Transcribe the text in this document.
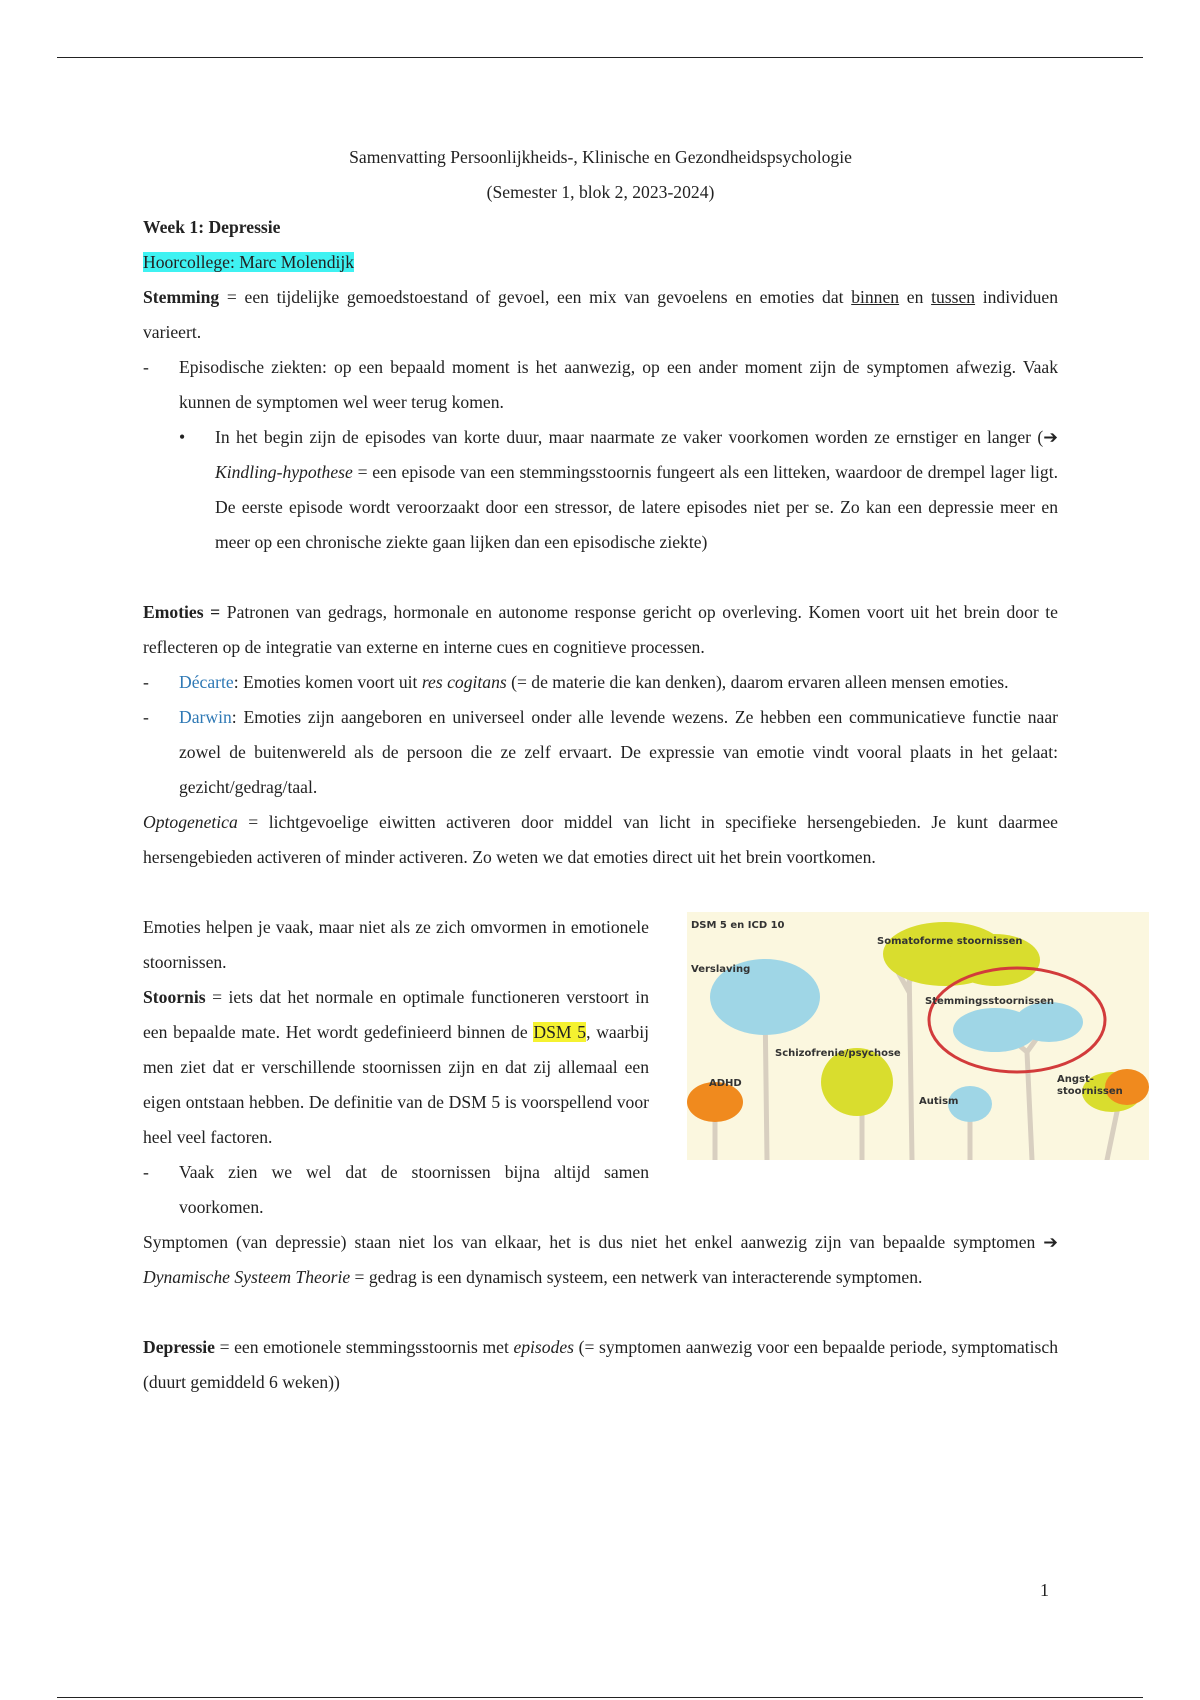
Samenvatting Persoonlijkheids-, Klinische en Gezondheidspsychologie

(Semester 1, blok 2, 2023-2024)

Week 1: Depressie

Hoorcollege: Marc Molendijk

Stemming = een tijdelijke gemoedstoestand of gevoel, een mix van gevoelens en emoties dat binnen en tussen individuen varieert.

- Episodische ziekten: op een bepaald moment is het aanwezig, op een ander moment zijn de symptomen afwezig. Vaak kunnen de symptomen wel weer terug komen.
• In het begin zijn de episodes van korte duur, maar naarmate ze vaker voorkomen worden ze ernstiger en langer (➔ Kindling-hypothese = een episode van een stemmingsstoornis fungeert als een litteken, waardoor de drempel lager ligt. De eerste episode wordt veroorzaakt door een stressor, de latere episodes niet per se. Zo kan een depressie meer en meer op een chronische ziekte gaan lijken dan een episodische ziekte)

Emoties = Patronen van gedrags, hormonale en autonome response gericht op overleving. Komen voort uit het brein door te reflecteren op de integratie van externe en interne cues en cognitieve processen.

- Décarte: Emoties komen voort uit res cogitans (= de materie die kan denken), daarom ervaren alleen mensen emoties.
- Darwin: Emoties zijn aangeboren en universeel onder alle levende wezens. Ze hebben een communicatieve functie naar zowel de buitenwereld als de persoon die ze zelf ervaart. De expressie van emotie vindt vooral plaats in het gelaat: gezicht/gedrag/taal.

Optogenetica = lichtgevoelige eiwitten activeren door middel van licht in specifieke hersengebieden. Je kunt daarmee hersengebieden activeren of minder activeren. Zo weten we dat emoties direct uit het brein voortkomen.

Emoties helpen je vaak, maar niet als ze zich omvormen in emotionele stoornissen.

Stoornis = iets dat het normale en optimale functioneren verstoort in een bepaalde mate. Het wordt gedefinieerd binnen de DSM 5, waarbij men ziet dat er verschillende stoornissen zijn en dat zij allemaal een eigen ontstaan hebben. De definitie van de DSM 5 is voorspellend voor heel veel factoren.

- Vaak zien we wel dat de stoornissen bijna altijd samen voorkomen.
DSM 5 en ICD 10
Somatoforme stoornissen
Verslaving
Stemmingsstoornissen
Schizofrenie/psychose
ADHD
Autism
Angst-
stoornissen

Symptomen (van depressie) staan niet los van elkaar, het is dus niet het enkel aanwezig zijn van bepaalde symptomen ➔ Dynamische Systeem Theorie = gedrag is een dynamisch systeem, een netwerk van interacterende symptomen.

Depressie = een emotionele stemmingsstoornis met episodes (= symptomen aanwezig voor een bepaalde periode, symptomatisch (duurt gemiddeld 6 weken))

1
